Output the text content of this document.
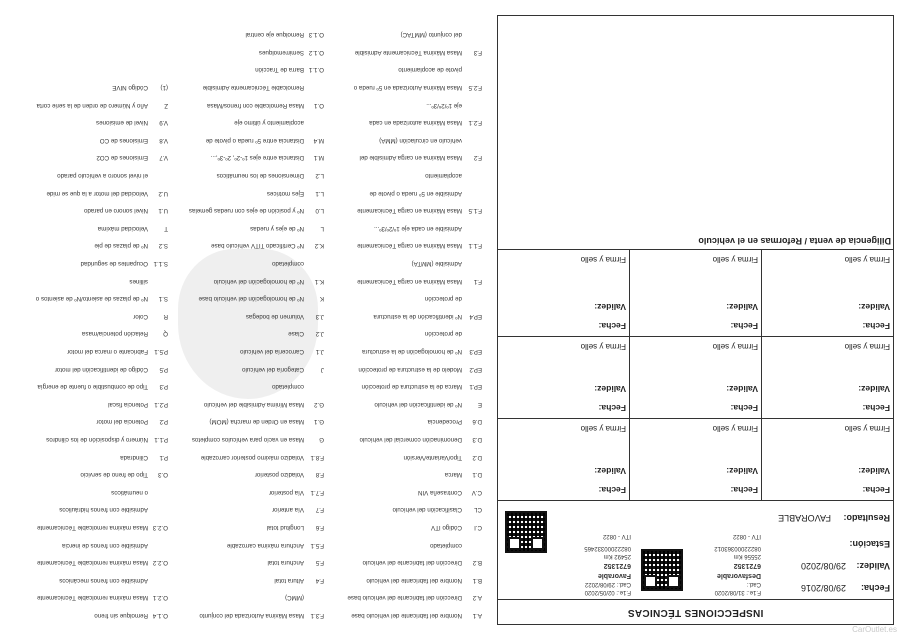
INSPECCIONES TÉCNICAS
Fecha:
29/08/2016
Validez:
29/08/2020
Estación:
Resultado:
FAVORABLE
F.1e.: 31/08/2020
Cad.:
Desfavorable
6721352
25556 Km
08222000363012
ITV - 0822
F.1e.: 02/05/2020
Cad.: 29/08/2022
Favorable
6721352
25492 Km
08222000332465
ITV - 0822
Fecha:
Validez:
Firma y sello
Fecha:
Validez:
Firma y sello
Fecha:
Validez:
Firma y sello
Fecha:
Validez:
Firma y sello
Fecha:
Validez:
Firma y sello
Fecha:
Validez:
Firma y sello
Fecha:
Validez:
Firma y sello
Fecha:
Validez:
Firma y sello
Fecha:
Validez:
Firma y sello
Diligencia de venta / Reformas en el vehículo
A.1Nombre del fabricante del vehículo base
A.2Dirección del fabricante del vehículo base
B.1Nombre del fabricante del vehículo
B.2Dirección del fabricante del vehículo
completado
C.ICódigo ITV
CLClasificación del vehículo
C.VContraseña VIN
D.1Marca
D.2Tipo/Variante/Versión
D.3Denominación comercial del vehículo
D.6Procedencia
ENº de identificación del vehículo
EP.1Marca de la estructura de protección
EP.2Modelo de la estructura de protección
EP.3Nº de homologación de la estructura
de protección
EP.4Nº identificación de la estructura
de protección
F.1Masa Máxima en carga Técnicamente
Admisible (MMTA)
F.1.1Masa Máxima en carga Técnicamente
Admisible en cada eje 1º/2º/3º...
F.1.5Masa Máxima en carga Técnicamente
Admisible en 5º rueda o pivote de
acoplamiento
F.2Masa Máxima en carga Admisible del
vehículo en circulación (MMA)
F.2.1Masa Máxima autorizada en cada
eje 1º/2º/3º...
F.2.5Masa Máxima Autorizada en 5º rueda o
pivote de acoplamiento
F.3Masa Máxima Técnicamente Admisible
del conjunto (MMTAC)
F.3.1Masa Máxima Autorizada del conjunto
(MMC)
F.4Altura total
F.5Anchura total
F.5.1Anchura máxima carrozable
F.6Longitud total
F.7Vía anterior
F.7.1Vía posterior
F.8Voladizo posterior
F.8.1Voladizo máximo posterior carrozable
GMasa en vacío para vehículos completos
G.1Masa en Orden de marcha (MOM)
G.2Masa Mínima Admisible del vehículo
completado
JCategoría del vehículo
J.1Carrocería del vehículo
J.2Clase
J.3Volumen de bodegas
KNº de homologación del vehículo base
K.1Nº de homologación del vehículo
completado
K.2Nº Certificado TITV vehículo base
LNº de ejes y ruedas
L.0Nº y posición de ejes con ruedas gemelas
L.1Ejes motrices
L.2Dimensiones de los neumáticos
M.1Distancia entre ejes 1º-2º, 2º-3º,...
M.4Distancia entre 5º rueda o pivote de
acoplamiento y último eje
O.1Masa Remolcable con frenos/Masa
Remolcable Técnicamente Admisible
O.1.1Barra de Tracción
O.1.2Semirremolques
O.1.3Remolque eje central
O.1.4Remolque sin freno
O.2.1Masa máxima remolcable Técnicamente
Admisible con frenos mecánicos
O.2.2Masa máxima remolcable Técnicamente
Admisible con frenos de inercia
O.2.3Masa máxima remolcable Técnicamente
Admisible con frenos hidráulicos
o neumáticos
O.3Tipo de freno de servicio
P.1Cilindrada
P.1.1Número y disposición de los cilindros
P.2Potencia del motor
P.2.1Potencia fiscal
P.3Tipo de combustible o fuente de energía
P.5Código de identificación del motor
P.5.1Fabricante o marca del motor
QRelación potencia/masa
RColor
S.1Nº de plazas de asiento/Nº de asientos o
sillines
S.1.1Ocupantes de seguridad
S.2Nº de plazas de pie
TVelocidad máxima
U.1Nivel sonoro en parado
U.2Velocidad del motor a la que se mide
el nivel sonoro a vehículo parado
V.7Emisiones de CO2
V.8Emisiones de CO
V.9Nivel de emisiones
ZAño y Número de orden de la serie corta
(1)Código NIVE
CarOutlet.es
